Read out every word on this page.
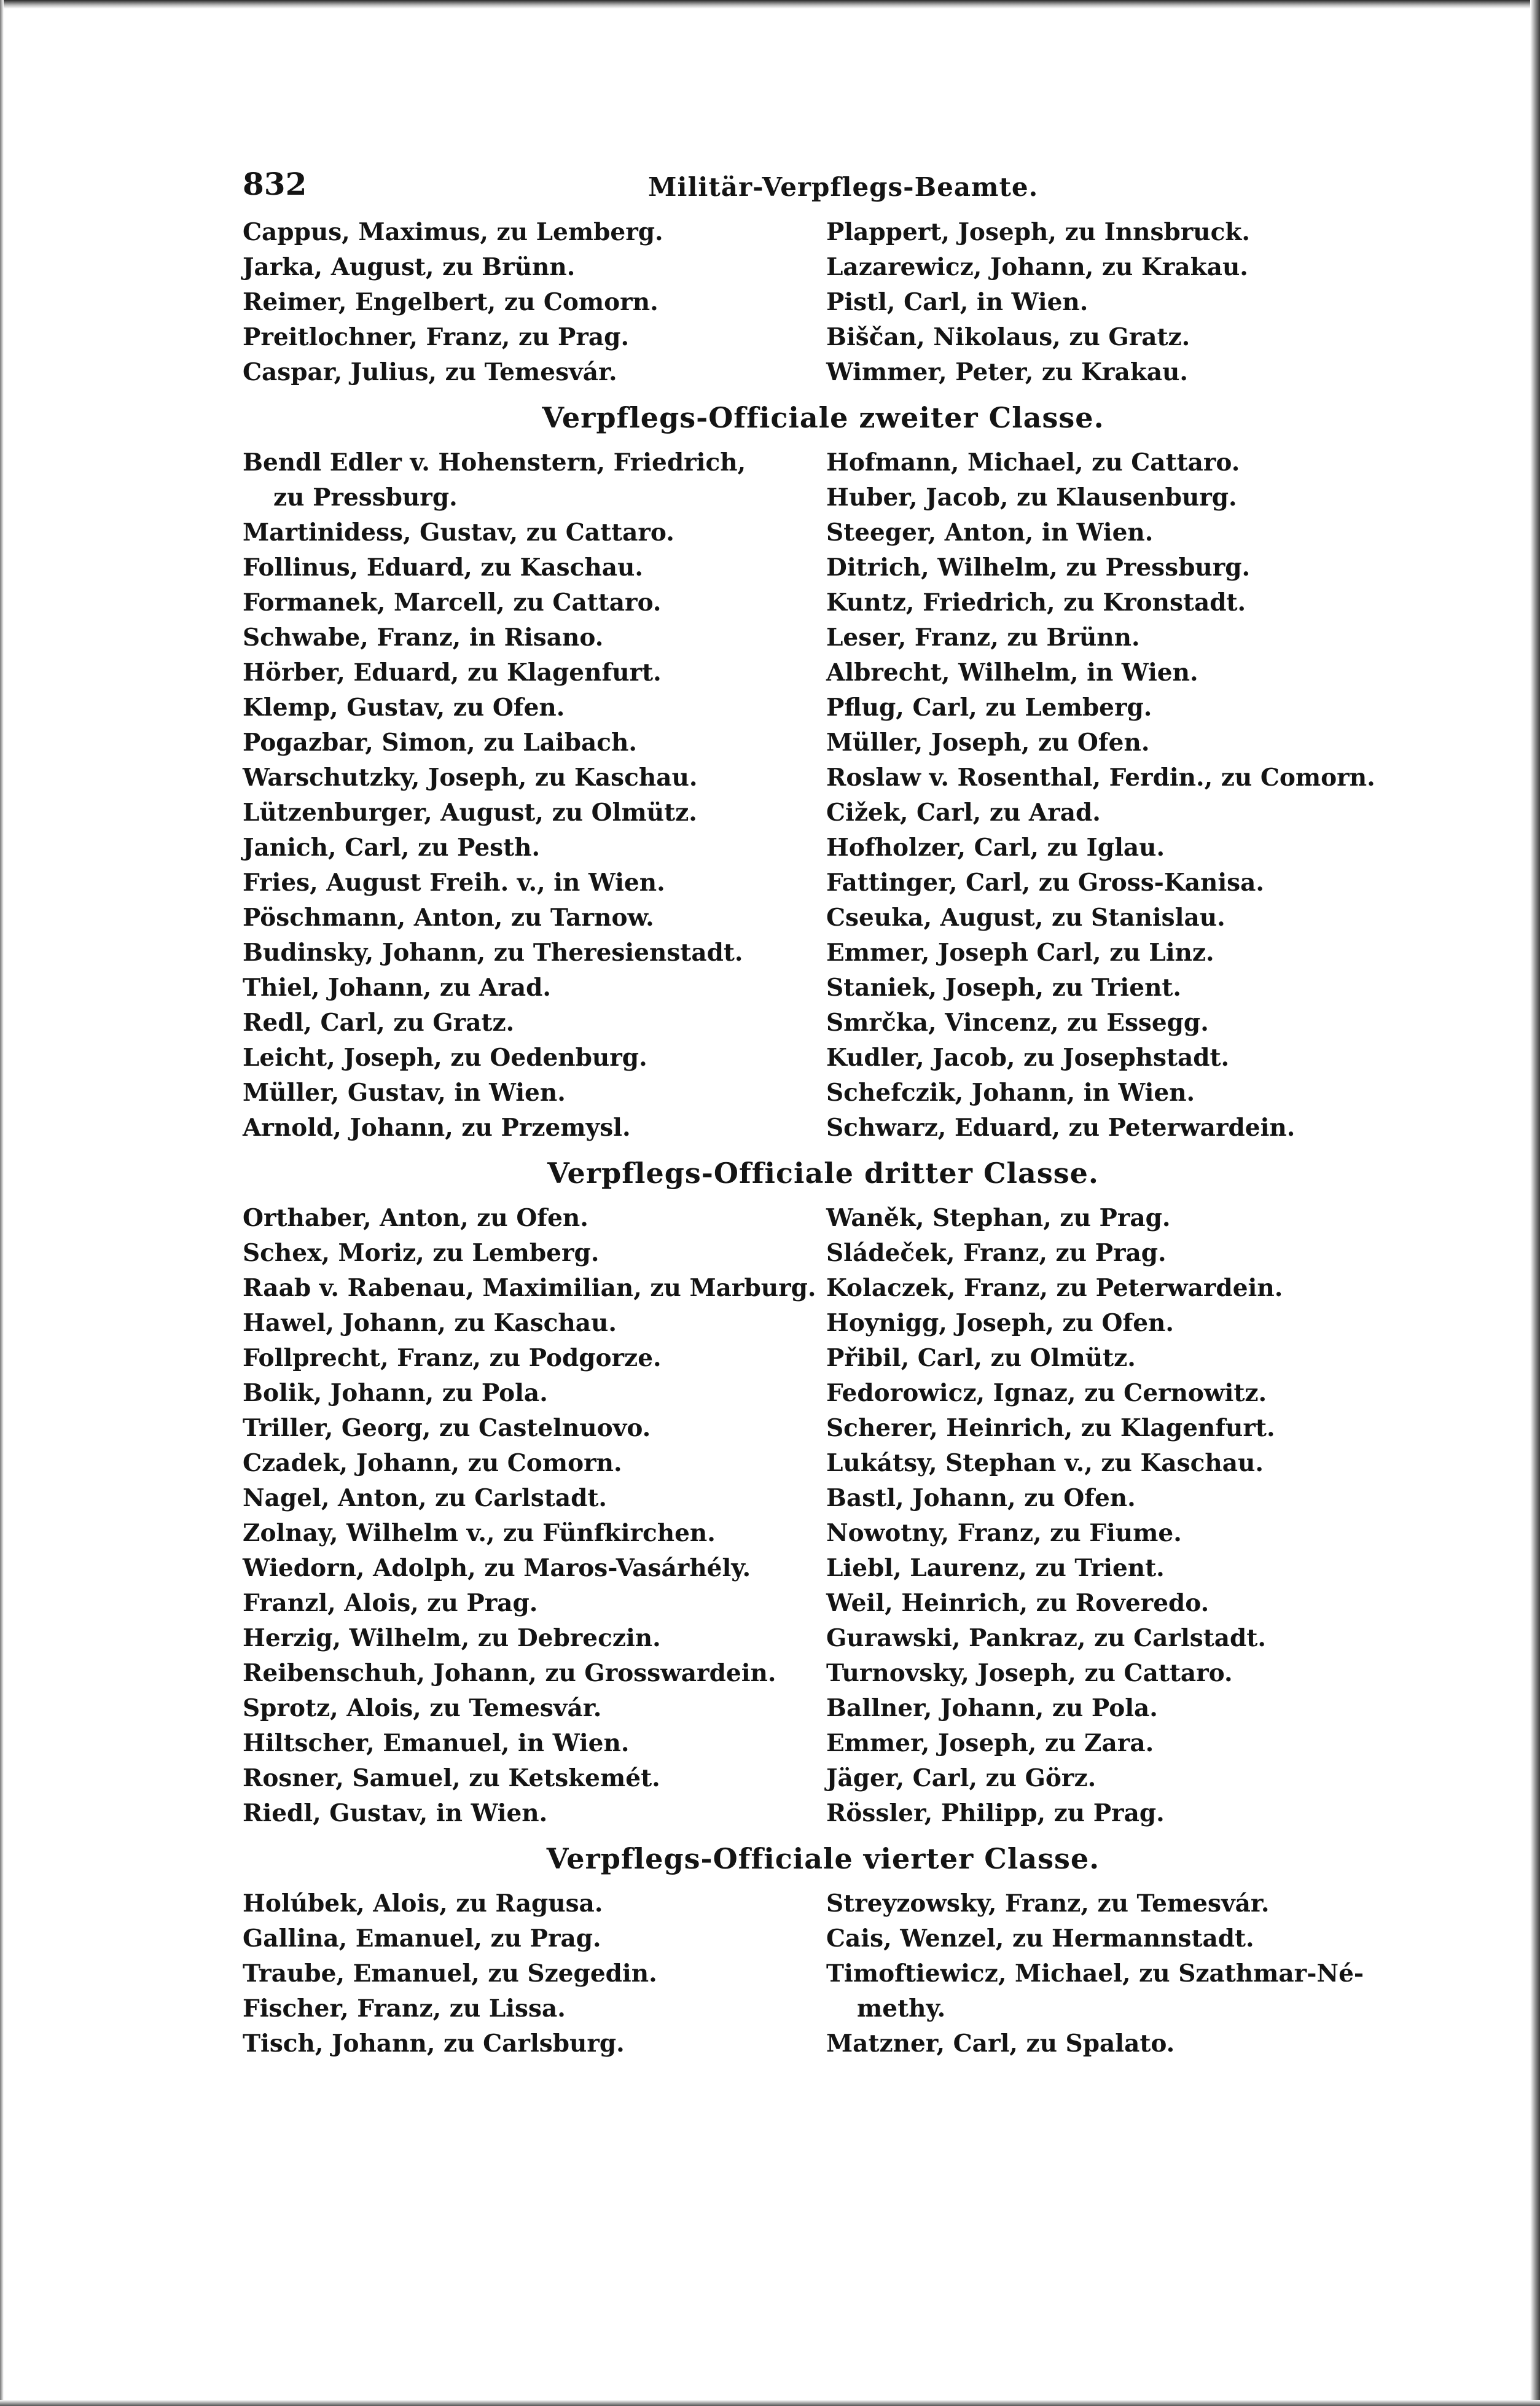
832	Militär-Verpflegs-Beamte.
Cappus, Maximus, zu Lemberg.
Jarka, August, zu Brünn.
Reimer, Engelbert, zu Comorn.
Preitlochner, Franz, zu Prag.
Caspar, Julius, zu Temesvár.
Plappert, Joseph, zu Innsbruck.
Lazarewicz, Johann, zu Krakau.
Pistl, Carl, in Wien.
Biščan, Nikolaus, zu Gratz.
Wimmer, Peter, zu Krakau.
Verpflegs-Officiale zweiter Classe.
Bendl Edler v. Hohenstern, Friedrich,
zu Pressburg.
Martinidess, Gustav, zu Cattaro.
Follinus, Eduard, zu Kaschau.
Formanek, Marcell, zu Cattaro.
Schwabe, Franz, in Risano.
Hörber, Eduard, zu Klagenfurt.
Klemp, Gustav, zu Ofen.
Pogazbar, Simon, zu Laibach.
Warschutzky, Joseph, zu Kaschau.
Lützenburger, August, zu Olmütz.
Janich, Carl, zu Pesth.
Fries, August Freih. v., in Wien.
Pöschmann, Anton, zu Tarnow.
Budinsky, Johann, zu Theresienstadt.
Thiel, Johann, zu Arad.
Redl, Carl, zu Gratz.
Leicht, Joseph, zu Oedenburg.
Müller, Gustav, in Wien.
Arnold, Johann, zu Przemysl.
Hofmann, Michael, zu Cattaro.
Huber, Jacob, zu Klausenburg.
Steeger, Anton, in Wien.
Ditrich, Wilhelm, zu Pressburg.
Kuntz, Friedrich, zu Kronstadt.
Leser, Franz, zu Brünn.
Albrecht, Wilhelm, in Wien.
Pflug, Carl, zu Lemberg.
Müller, Joseph, zu Ofen.
Roslaw v. Rosenthal, Ferdin., zu Comorn.
Cižek, Carl, zu Arad.
Hofholzer, Carl, zu Iglau.
Fattinger, Carl, zu Gross-Kanisa.
Cseuka, August, zu Stanislau.
Emmer, Joseph Carl, zu Linz.
Staniek, Joseph, zu Trient.
Smrčka, Vincenz, zu Essegg.
Kudler, Jacob, zu Josephstadt.
Schefczik, Johann, in Wien.
Schwarz, Eduard, zu Peterwardein.
Verpflegs-Officiale dritter Classe.
Orthaber, Anton, zu Ofen.
Schex, Moriz, zu Lemberg.
Raab v. Rabenau, Maximilian, zu Marburg.
Hawel, Johann, zu Kaschau.
Follprecht, Franz, zu Podgorze.
Bolik, Johann, zu Pola.
Triller, Georg, zu Castelnuovo.
Czadek, Johann, zu Comorn.
Nagel, Anton, zu Carlstadt.
Zolnay, Wilhelm v., zu Fünfkirchen.
Wiedorn, Adolph, zu Maros-Vasárhély.
Franzl, Alois, zu Prag.
Herzig, Wilhelm, zu Debreczin.
Reibenschuh, Johann, zu Grosswardein.
Sprotz, Alois, zu Temesvár.
Hiltscher, Emanuel, in Wien.
Rosner, Samuel, zu Ketskemét.
Riedl, Gustav, in Wien.
Waněk, Stephan, zu Prag.
Sládeček, Franz, zu Prag.
Kolaczek, Franz, zu Peterwardein.
Hoynigg, Joseph, zu Ofen.
Přibil, Carl, zu Olmütz.
Fedorowicz, Ignaz, zu Cernowitz.
Scherer, Heinrich, zu Klagenfurt.
Lukátsy, Stephan v., zu Kaschau.
Bastl, Johann, zu Ofen.
Nowotny, Franz, zu Fiume.
Liebl, Laurenz, zu Trient.
Weil, Heinrich, zu Roveredo.
Gurawski, Pankraz, zu Carlstadt.
Turnovsky, Joseph, zu Cattaro.
Ballner, Johann, zu Pola.
Emmer, Joseph, zu Zara.
Jäger, Carl, zu Görz.
Rössler, Philipp, zu Prag.
Verpflegs-Officiale vierter Classe.
Holúbek, Alois, zu Ragusa.
Gallina, Emanuel, zu Prag.
Traube, Emanuel, zu Szegedin.
Fischer, Franz, zu Lissa.
Tisch, Johann, zu Carlsburg.
Streyzowsky, Franz, zu Temesvár.
Cais, Wenzel, zu Hermannstadt.
Timoftiewicz, Michael, zu Szathmar-Né-
methy.
Matzner, Carl, zu Spalato.
